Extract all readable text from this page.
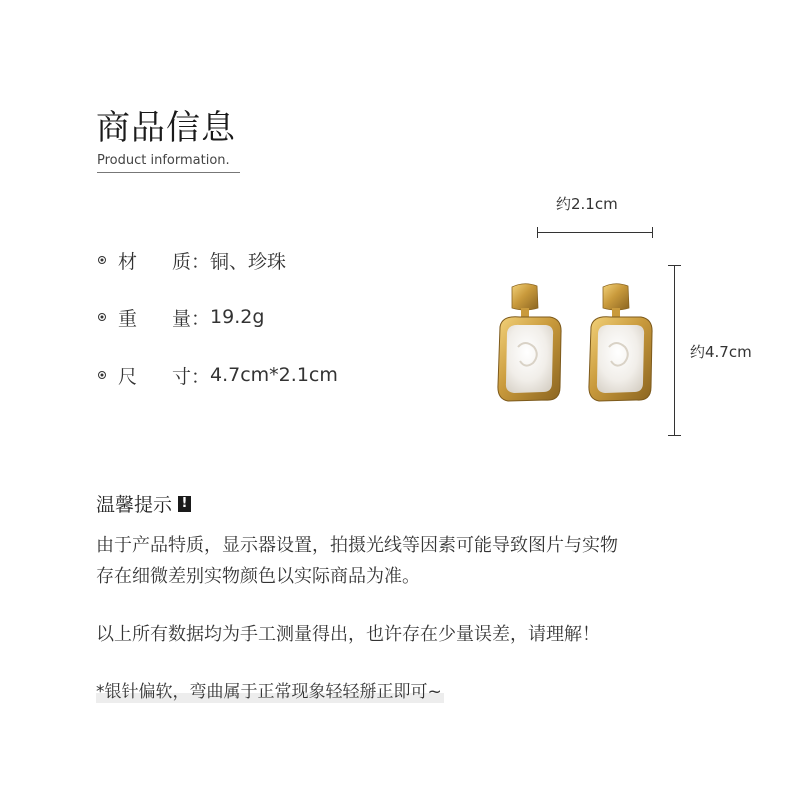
商品信息
Product information.
材	质： 铜、珍珠
重	量： 19.2g
尺	寸： 4.7cm*2.1cm
约2.1cm
约4.7cm
温馨提示 !
由于产品特质，显示器设置，拍摄光线等因素可能导致图片与实物
存在细微差别实物颜色以实际商品为准。
以上所有数据均为手工测量得出，也许存在少量误差，请理解！
*银针偏软，弯曲属于正常现象轻轻掰正即可~
